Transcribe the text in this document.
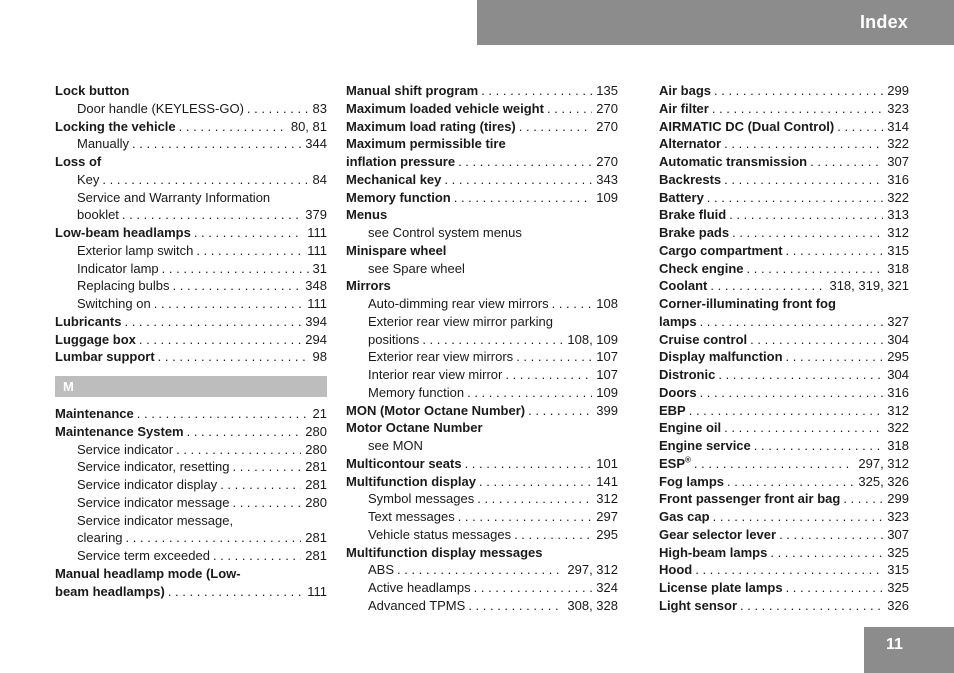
Index
Lock button
Door handle (KEYLESS-GO) . . .	83
Locking the vehicle . . .	80, 81
Manually . . .	344
Loss of
Key . . .	84
Service and Warranty Information
booklet . . .	379
Low-beam headlamps . . .	111
Exterior lamp switch . . .	111
Indicator lamp . . .	31
Replacing bulbs . . .	348
Switching on . . .	111
Lubricants . . .	394
Luggage box . . .	294
Lumbar support . . .	98
M
Maintenance . . .	21
Maintenance System . . .	280
Service indicator . . .	280
Service indicator, resetting . . .	281
Service indicator display . . .	281
Service indicator message . . .	280
Service indicator message,
clearing . . .	281
Service term exceeded . . .	281
Manual headlamp mode (Low-
beam headlamps) . . .	111
Manual shift program . . .	135
Maximum loaded vehicle weight . . .	270
Maximum load rating (tires) . . .	270
Maximum permissible tire
inflation pressure . . .	270
Mechanical key . . .	343
Memory function . . .	109
Menus
see Control system menus
Minispare wheel
see Spare wheel
Mirrors
Auto-dimming rear view mirrors . . .	108
Exterior rear view mirror parking
positions . . .	108, 109
Exterior rear view mirrors . . .	107
Interior rear view mirror . . .	107
Memory function . . .	109
MON (Motor Octane Number) . . .	399
Motor Octane Number
see MON
Multicontour seats . . .	101
Multifunction display . . .	141
Symbol messages . . .	312
Text messages . . .	297
Vehicle status messages . . .	295
Multifunction display messages
ABS . . .	297, 312
Active headlamps . . .	324
Advanced TPMS . . .	308, 328
Air bags . . .	299
Air filter . . .	323
AIRMATIC DC (Dual Control) . . .	314
Alternator . . .	322
Automatic transmission . . .	307
Backrests . . .	316
Battery . . .	322
Brake fluid . . .	313
Brake pads . . .	312
Cargo compartment . . .	315
Check engine . . .	318
Coolant . . .	318, 319, 321
Corner-illuminating front fog
lamps . . .	327
Cruise control . . .	304
Display malfunction . . .	295
Distronic . . .	304
Doors . . .	316
EBP . . .	312
Engine oil . . .	322
Engine service . . .	318
ESP® . . .	297, 312
Fog lamps . . .	325, 326
Front passenger front air bag . . .	299
Gas cap . . .	323
Gear selector lever . . .	307
High-beam lamps . . .	325
Hood . . .	315
License plate lamps . . .	325
Light sensor . . .	326
11
